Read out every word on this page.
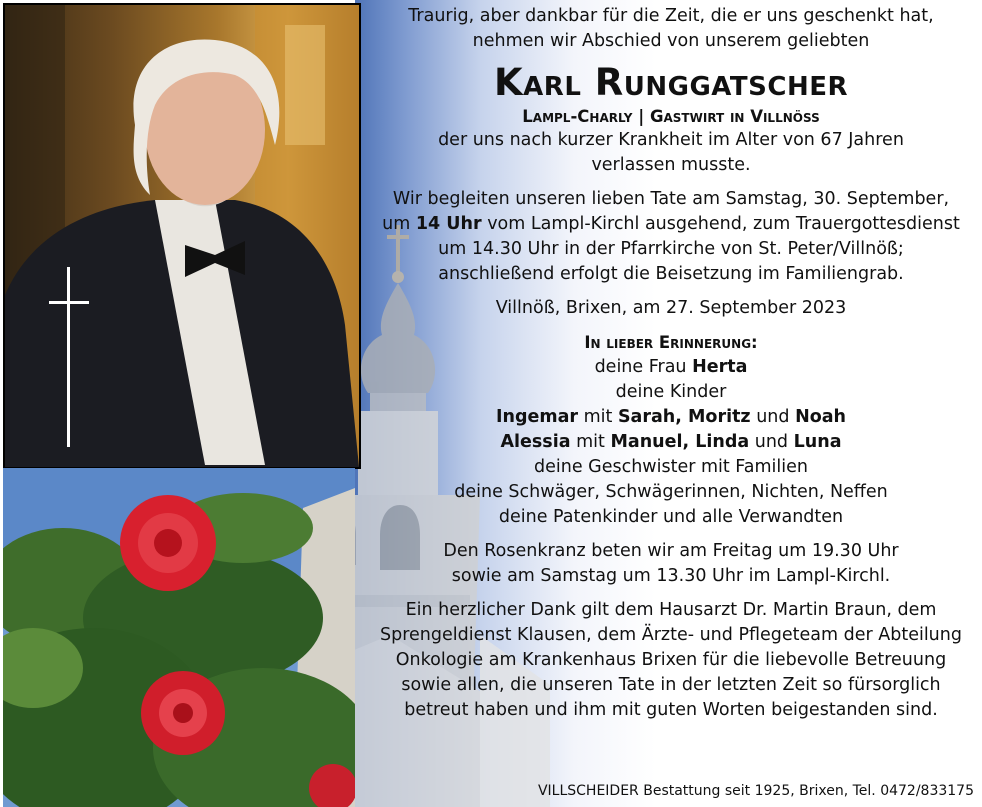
Traurig, aber dankbar für die Zeit, die er uns geschenkt hat,
nehmen wir Abschied von unserem geliebten
Karl Runggatscher
Lampl-Charly | Gastwirt in Villnöß
der uns nach kurzer Krankheit im Alter von 67 Jahren
verlassen musste.
Wir begleiten unseren lieben Tate am Samstag, 30. September,
um 14 Uhr vom Lampl-Kirchl ausgehend, zum Trauergottesdienst
um 14.30 Uhr in der Pfarrkirche von St. Peter/Villnöß;
anschließend erfolgt die Beisetzung im Familiengrab.
Villnöß, Brixen, am 27. September 2023
In lieber Erinnerung:
deine Frau Herta
deine Kinder
Ingemar mit Sarah, Moritz und Noah
Alessia mit Manuel, Linda und Luna
deine Geschwister mit Familien
deine Schwäger, Schwägerinnen, Nichten, Neffen
deine Patenkinder und alle Verwandten
Den Rosenkranz beten wir am Freitag um 19.30 Uhr
sowie am Samstag um 13.30 Uhr im Lampl-Kirchl.
Ein herzlicher Dank gilt dem Hausarzt Dr. Martin Braun, dem
Sprengeldienst Klausen, dem Ärzte- und Pflegeteam der Abteilung
Onkologie am Krankenhaus Brixen für die liebevolle Betreuung
sowie allen, die unseren Tate in der letzten Zeit so fürsorglich
betreut haben und ihm mit guten Worten beigestanden sind.
VILLSCHEIDER Bestattung seit 1925, Brixen, Tel. 0472/833175
